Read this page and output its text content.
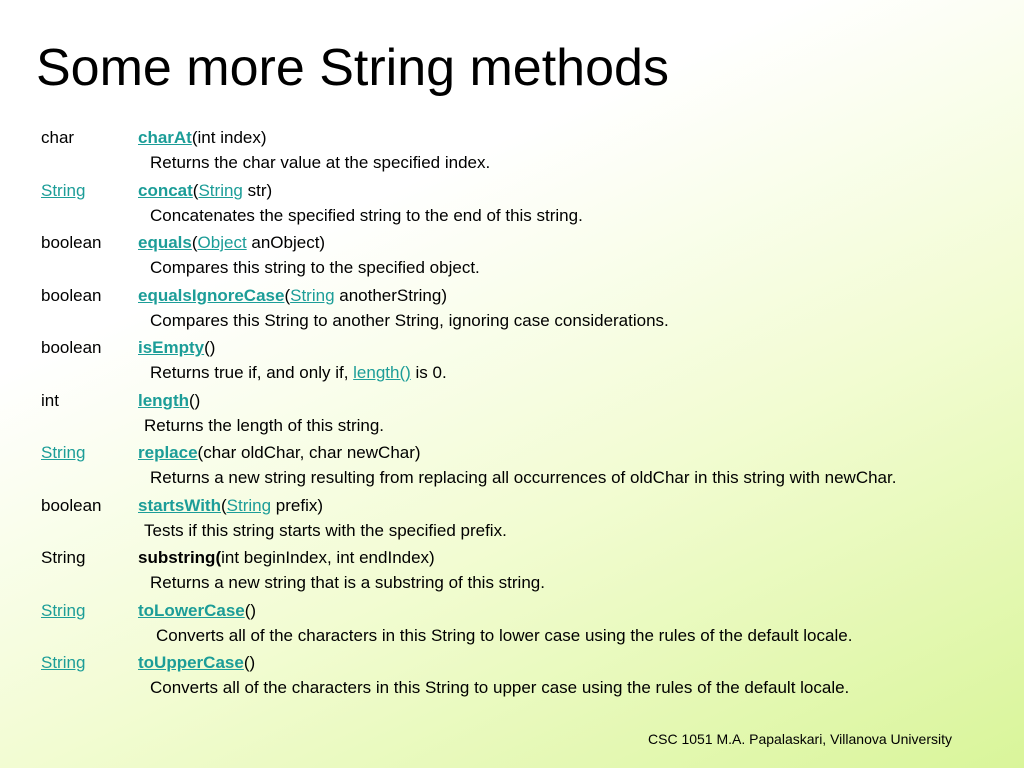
Some more String methods
char	charAt(int index)
Returns the char value at the specified index.
String	concat(String str)
Concatenates the specified string to the end of this string.
boolean	equals(Object anObject)
Compares this string to the specified object.
boolean	equalsIgnoreCase(String anotherString)
Compares this String to another String, ignoring case considerations.
boolean	isEmpty()
Returns true if, and only if, length() is 0.
int	length()
Returns the length of this string.
String	replace(char oldChar, char newChar)
Returns a new string resulting from replacing all occurrences of oldChar in this string with newChar.
boolean	startsWith(String prefix)
Tests if this string starts with the specified prefix.
String	substring(int beginIndex, int endIndex)
Returns a new string that is a substring of this string.
String	toLowerCase()
Converts all of the characters in this String to lower case using the rules of the default locale.
String	toUpperCase()
Converts all of the characters in this String to upper case using the rules of the default locale.
CSC 1051 M.A. Papalaskari, Villanova University
